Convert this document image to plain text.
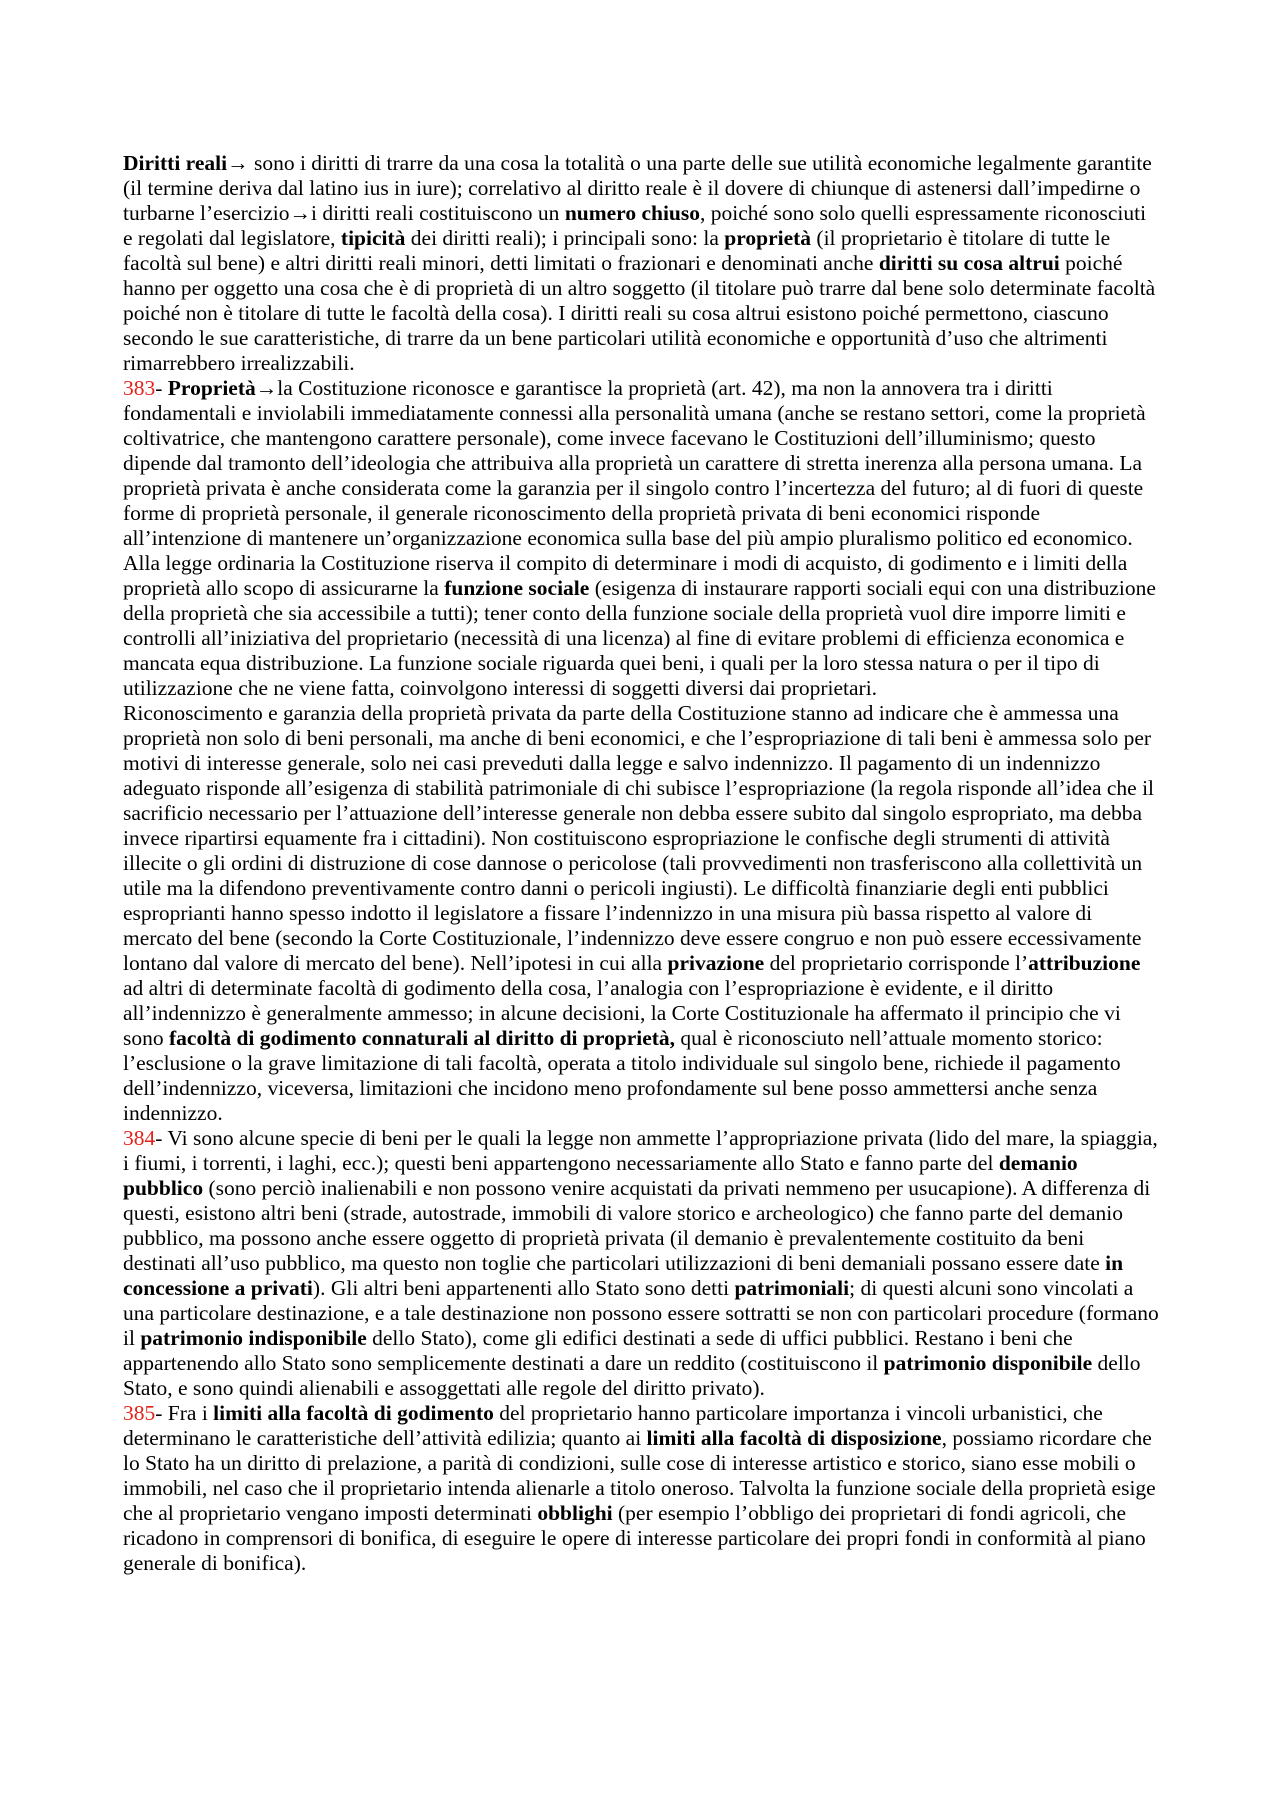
Diritti reali→ sono i diritti di trarre da una cosa la totalità o una parte delle sue utilità economiche legalmente garantite
(il termine deriva dal latino ius in iure); correlativo al diritto reale è il dovere di chiunque di astenersi dall’impedirne o
turbarne l’esercizio→i diritti reali costituiscono un numero chiuso, poiché sono solo quelli espressamente riconosciuti
e regolati dal legislatore, tipicità dei diritti reali); i principali sono: la proprietà (il proprietario è titolare di tutte le
facoltà sul bene) e altri diritti reali minori, detti limitati o frazionari e denominati anche diritti su cosa altrui poiché
hanno per oggetto una cosa che è di proprietà di un altro soggetto (il titolare può trarre dal bene solo determinate facoltà
poiché non è titolare di tutte le facoltà della cosa). I diritti reali su cosa altrui esistono poiché permettono, ciascuno
secondo le sue caratteristiche, di trarre da un bene particolari utilità economiche e opportunità d’uso che altrimenti
rimarrebbero irrealizzabili.
383- Proprietà→la Costituzione riconosce e garantisce la proprietà (art. 42), ma non la annovera tra i diritti
fondamentali e inviolabili immediatamente connessi alla personalità umana (anche se restano settori, come la proprietà
coltivatrice, che mantengono carattere personale), come invece facevano le Costituzioni dell’illuminismo; questo
dipende dal tramonto dell’ideologia che attribuiva alla proprietà un carattere di stretta inerenza alla persona umana. La
proprietà privata è anche considerata come la garanzia per il singolo contro l’incertezza del futuro; al di fuori di queste
forme di proprietà personale, il generale riconoscimento della proprietà privata di beni economici risponde
all’intenzione di mantenere un’organizzazione economica sulla base del più ampio pluralismo politico ed economico.
Alla legge ordinaria la Costituzione riserva il compito di determinare i modi di acquisto, di godimento e i limiti della
proprietà allo scopo di assicurarne la funzione sociale (esigenza di instaurare rapporti sociali equi con una distribuzione
della proprietà che sia accessibile a tutti); tener conto della funzione sociale della proprietà vuol dire imporre limiti e
controlli all’iniziativa del proprietario (necessità di una licenza) al fine di evitare problemi di efficienza economica e
mancata equa distribuzione. La funzione sociale riguarda quei beni, i quali per la loro stessa natura o per il tipo di
utilizzazione che ne viene fatta, coinvolgono interessi di soggetti diversi dai proprietari.
Riconoscimento e garanzia della proprietà privata da parte della Costituzione stanno ad indicare che è ammessa una
proprietà non solo di beni personali, ma anche di beni economici, e che l’espropriazione di tali beni è ammessa solo per
motivi di interesse generale, solo nei casi preveduti dalla legge e salvo indennizzo. Il pagamento di un indennizzo
adeguato risponde all’esigenza di stabilità patrimoniale di chi subisce l’espropriazione (la regola risponde all’idea che il
sacrificio necessario per l’attuazione dell’interesse generale non debba essere subito dal singolo espropriato, ma debba
invece ripartirsi equamente fra i cittadini). Non costituiscono espropriazione le confische degli strumenti di attività
illecite o gli ordini di distruzione di cose dannose o pericolose (tali provvedimenti non trasferiscono alla collettività un
utile ma la difendono preventivamente contro danni o pericoli ingiusti). Le difficoltà finanziarie degli enti pubblici
esproprianti hanno spesso indotto il legislatore a fissare l’indennizzo in una misura più bassa rispetto al valore di
mercato del bene (secondo la Corte Costituzionale, l’indennizzo deve essere congruo e non può essere eccessivamente
lontano dal valore di mercato del bene). Nell’ipotesi in cui alla privazione del proprietario corrisponde l’attribuzione
ad altri di determinate facoltà di godimento della cosa, l’analogia con l’espropriazione è evidente, e il diritto
all’indennizzo è generalmente ammesso; in alcune decisioni, la Corte Costituzionale ha affermato il principio che vi
sono facoltà di godimento connaturali al diritto di proprietà, qual è riconosciuto nell’attuale momento storico:
l’esclusione o la grave limitazione di tali facoltà, operata a titolo individuale sul singolo bene, richiede il pagamento
dell’indennizzo, viceversa, limitazioni che incidono meno profondamente sul bene posso ammettersi anche senza
indennizzo.
384- Vi sono alcune specie di beni per le quali la legge non ammette l’appropriazione privata (lido del mare, la spiaggia,
i fiumi, i torrenti, i laghi, ecc.); questi beni appartengono necessariamente allo Stato e fanno parte del demanio
pubblico (sono perciò inalienabili e non possono venire acquistati da privati nemmeno per usucapione). A differenza di
questi, esistono altri beni (strade, autostrade, immobili di valore storico e archeologico) che fanno parte del demanio
pubblico, ma possono anche essere oggetto di proprietà privata (il demanio è prevalentemente costituito da beni
destinati all’uso pubblico, ma questo non toglie che particolari utilizzazioni di beni demaniali possano essere date in
concessione a privati). Gli altri beni appartenenti allo Stato sono detti patrimoniali; di questi alcuni sono vincolati a
una particolare destinazione, e a tale destinazione non possono essere sottratti se non con particolari procedure (formano
il patrimonio indisponibile dello Stato), come gli edifici destinati a sede di uffici pubblici. Restano i beni che
appartenendo allo Stato sono semplicemente destinati a dare un reddito (costituiscono il patrimonio disponibile dello
Stato, e sono quindi alienabili e assoggettati alle regole del diritto privato).
385- Fra i limiti alla facoltà di godimento del proprietario hanno particolare importanza i vincoli urbanistici, che
determinano le caratteristiche dell’attività edilizia; quanto ai limiti alla facoltà di disposizione, possiamo ricordare che
lo Stato ha un diritto di prelazione, a parità di condizioni, sulle cose di interesse artistico e storico, siano esse mobili o
immobili, nel caso che il proprietario intenda alienarle a titolo oneroso. Talvolta la funzione sociale della proprietà esige
che al proprietario vengano imposti determinati obblighi (per esempio l’obbligo dei proprietari di fondi agricoli, che
ricadono in comprensori di bonifica, di eseguire le opere di interesse particolare dei propri fondi in conformità al piano
generale di bonifica).
